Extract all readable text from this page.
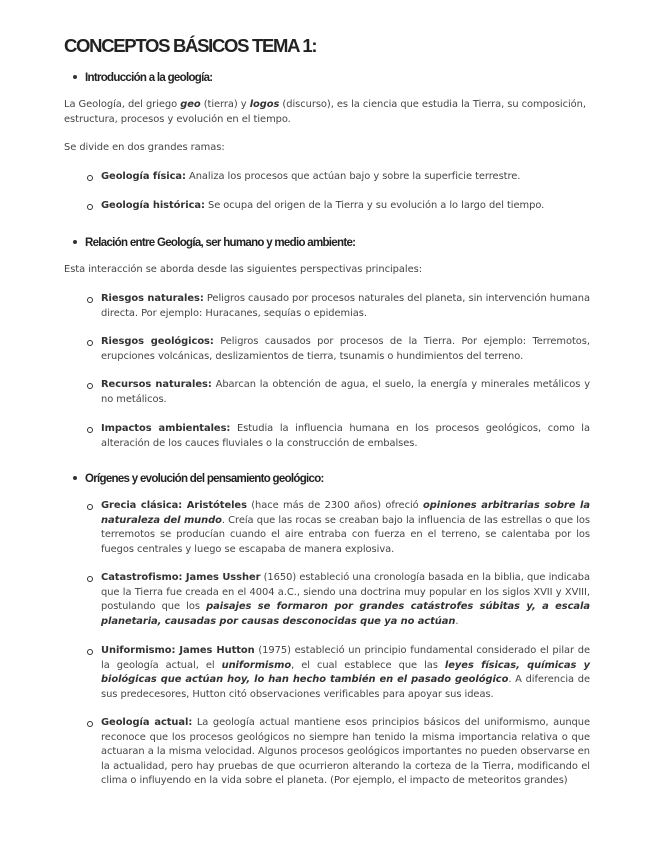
CONCEPTOS BÁSICOS TEMA 1:
Introducción a la geología:

La Geología, del griego geo (tierra) y logos (discurso), es la ciencia que estudia la Tierra, su composición, estructura, procesos y evolución en el tiempo.

Se divide en dos grandes ramas:

Geología física: Analiza los procesos que actúan bajo y sobre la superficie terrestre.

Geología histórica: Se ocupa del origen de la Tierra y su evolución a lo largo del tiempo.

Relación entre Geología, ser humano y medio ambiente:

Esta interacción se aborda desde las siguientes perspectivas principales:

Riesgos naturales: Peligros causado por procesos naturales del planeta, sin intervención humana directa. Por ejemplo: Huracanes, sequías o epidemias.

Riesgos geológicos: Peligros causados por procesos de la Tierra. Por ejemplo: Terremotos, erupciones volcánicas, deslizamientos de tierra, tsunamis o hundimientos del terreno.

Recursos naturales: Abarcan la obtención de agua, el suelo, la energía y minerales metálicos y no metálicos.

Impactos ambientales: Estudia la influencia humana en los procesos geológicos, como la alteración de los cauces fluviales o la construcción de embalses.

Orígenes y evolución del pensamiento geológico:

Grecia clásica: Aristóteles (hace más de 2300 años) ofreció opiniones arbitrarias sobre la naturaleza del mundo. Creía que las rocas se creaban bajo la influencia de las estrellas o que los terremotos se producían cuando el aire entraba con fuerza en el terreno, se calentaba por los fuegos centrales y luego se escapaba de manera explosiva.

Catastrofismo: James Ussher (1650) estableció una cronología basada en la biblia, que indicaba que la Tierra fue creada en el 4004 a.C., siendo una doctrina muy popular en los siglos XVII y XVIII, postulando que los paisajes se formaron por grandes catástrofes súbitas y, a escala planetaria, causadas por causas desconocidas que ya no actúan.

Uniformismo: James Hutton (1975) estableció un principio fundamental considerado el pilar de la geología actual, el uniformismo, el cual establece que las leyes físicas, químicas y biológicas que actúan hoy, lo han hecho también en el pasado geológico. A diferencia de sus predecesores, Hutton citó observaciones verificables para apoyar sus ideas.

Geología actual: La geología actual mantiene esos principios básicos del uniformismo, aunque reconoce que los procesos geológicos no siempre han tenido la misma importancia relativa o que actuaran a la misma velocidad. Algunos procesos geológicos importantes no pueden observarse en la actualidad, pero hay pruebas de que ocurrieron alterando la corteza de la Tierra, modificando el clima o influyendo en la vida sobre el planeta. (Por ejemplo, el impacto de meteoritos grandes)
